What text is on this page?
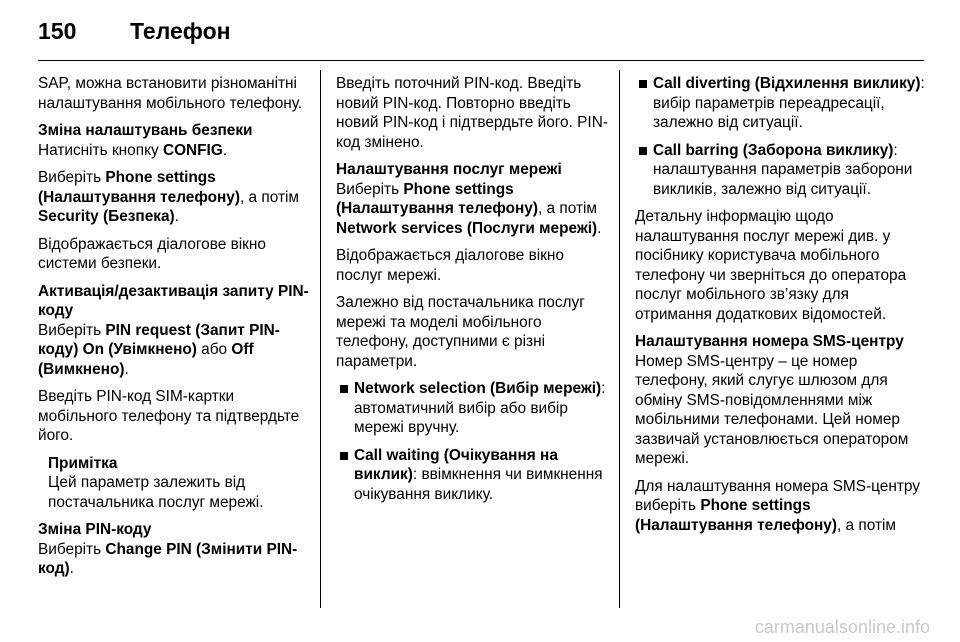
150 Телефон

SAP, можна встановити різноманітні налаштування мобільного телефону.

Зміна налаштувань безпеки

Натисніть кнопку CONFIG.

Виберіть Phone settings (Налаштування телефону), а потім Security (Безпека).

Відображається діалогове вікно системи безпеки.

Активація/дезактивація запиту PIN-коду

Виберіть PIN request (Запит PIN-коду) On (Увімкнено) або Off (Вимкнено).

Введіть PIN-код SIM-картки мобільного телефону та підтвердьте його.

Примітка
Цей параметр залежить від постачальника послуг мережі.
Зміна PIN-коду

Виберіть Change PIN (Змінити PIN-код).

Введіть поточний PIN-код. Введіть новий PIN-код. Повторно введіть новий PIN-код і підтвердьте його. PIN-код змінено.

Налаштування послуг мережі

Виберіть Phone settings (Налаштування телефону), а потім Network services (Послуги мережі).

Відображається діалогове вікно послуг мережі.

Залежно від постачальника послуг мережі та моделі мобільного телефону, доступними є різні параметри.

Network selection (Вибір мережі): автоматичний вибір або вибір мережі вручну.
Call waiting (Очікування на виклик): ввімкнення чи вимкнення очікування виклику.
Call diverting (Відхилення виклику): вибір параметрів переадресації, залежно від ситуації.
Call barring (Заборона виклику): налаштування параметрів заборони викликів, залежно від ситуації.

Детальну інформацію щодо налаштування послуг мережі див. у посібнику користувача мобільного телефону чи зверніться до оператора послуг мобільного зв’язку для отримання додаткових відомостей.

Налаштування номера SMS-центру

Номер SMS-центру – це номер телефону, який слугує шлюзом для обміну SMS-повідомленнями між мобільними телефонами. Цей номер зазвичай установлюється оператором мережі.

Для налаштування номера SMS-центру виберіть Phone settings (Налаштування телефону), а потім

carmanualsonline.info
